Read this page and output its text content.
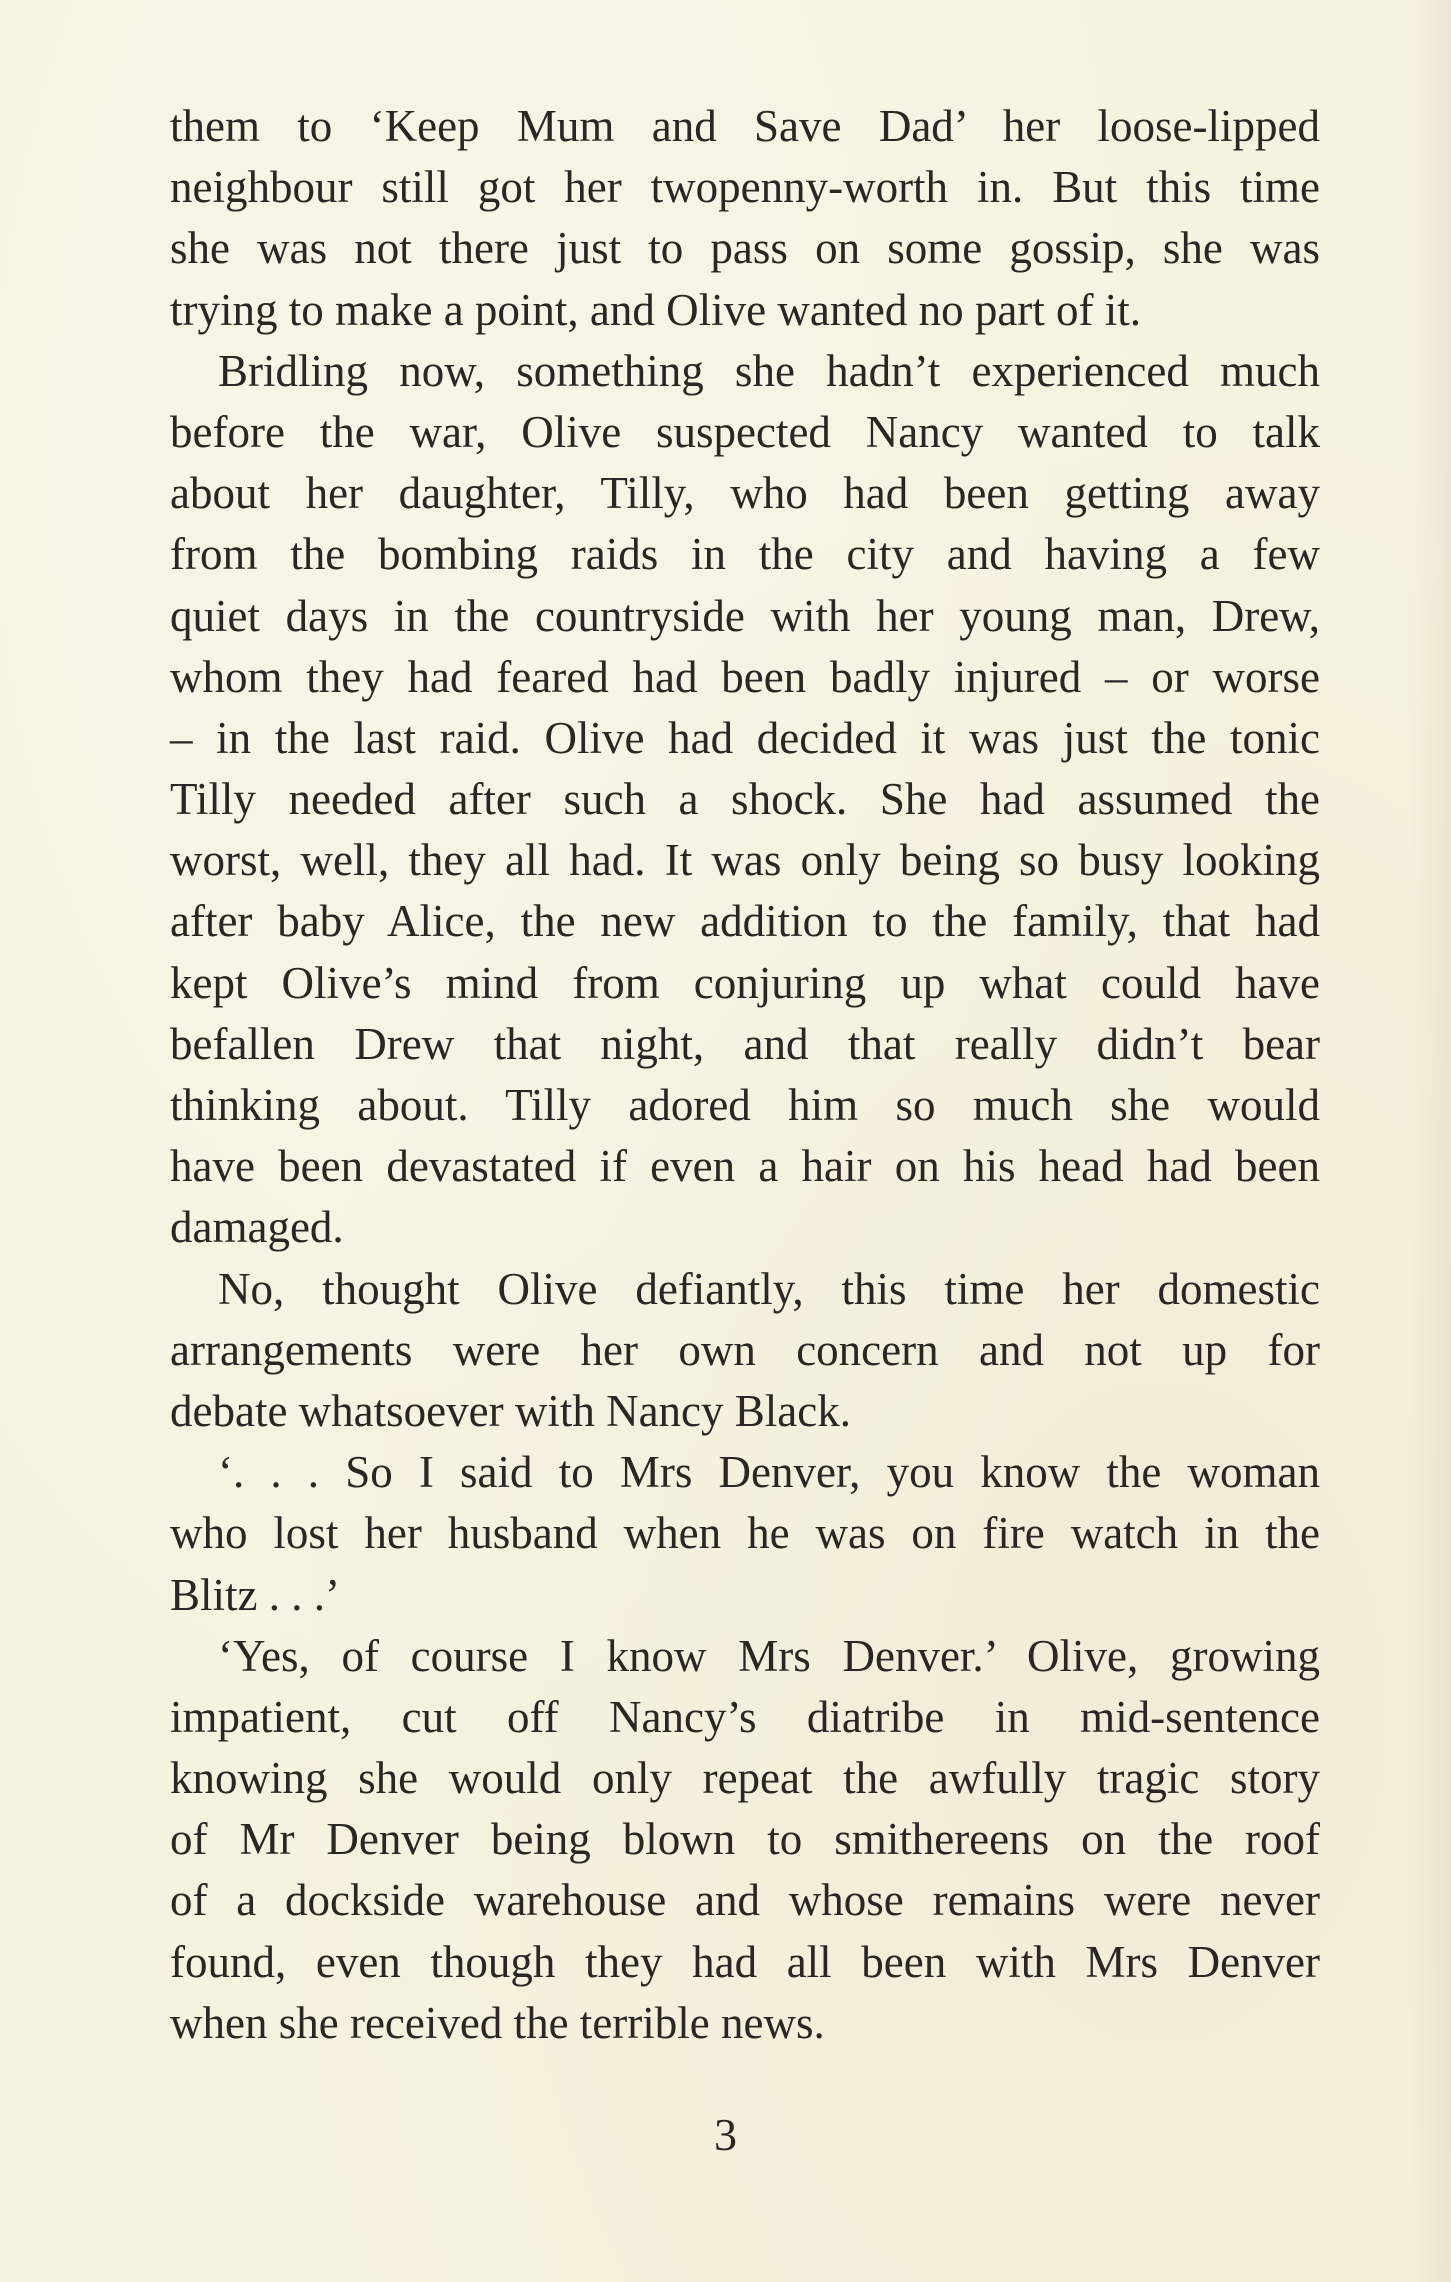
them to ‘Keep Mum and Save Dad’ her loose-lipped
neighbour still got her twopenny-worth in. But this time
she was not there just to pass on some gossip, she was
trying to make a point, and Olive wanted no part of it.
Bridling now, something she hadn’t experienced much
before the war, Olive suspected Nancy wanted to talk
about her daughter, Tilly, who had been getting away
from the bombing raids in the city and having a few
quiet days in the countryside with her young man, Drew,
whom they had feared had been badly injured – or worse
– in the last raid. Olive had decided it was just the tonic
Tilly needed after such a shock. She had assumed the
worst, well, they all had. It was only being so busy looking
after baby Alice, the new addition to the family, that had
kept Olive’s mind from conjuring up what could have
befallen Drew that night, and that really didn’t bear
thinking about. Tilly adored him so much she would
have been devastated if even a hair on his head had been
damaged.
No, thought Olive defiantly, this time her domestic
arrangements were her own concern and not up for
debate whatsoever with Nancy Black.
‘. . . So I said to Mrs Denver, you know the woman
who lost her husband when he was on fire watch in the
Blitz . . .’
‘Yes, of course I know Mrs Denver.’ Olive, growing
impatient, cut off Nancy’s diatribe in mid-sentence
knowing she would only repeat the awfully tragic story
of Mr Denver being blown to smithereens on the roof
of a dockside warehouse and whose remains were never
found, even though they had all been with Mrs Denver
when she received the terrible news.
3
